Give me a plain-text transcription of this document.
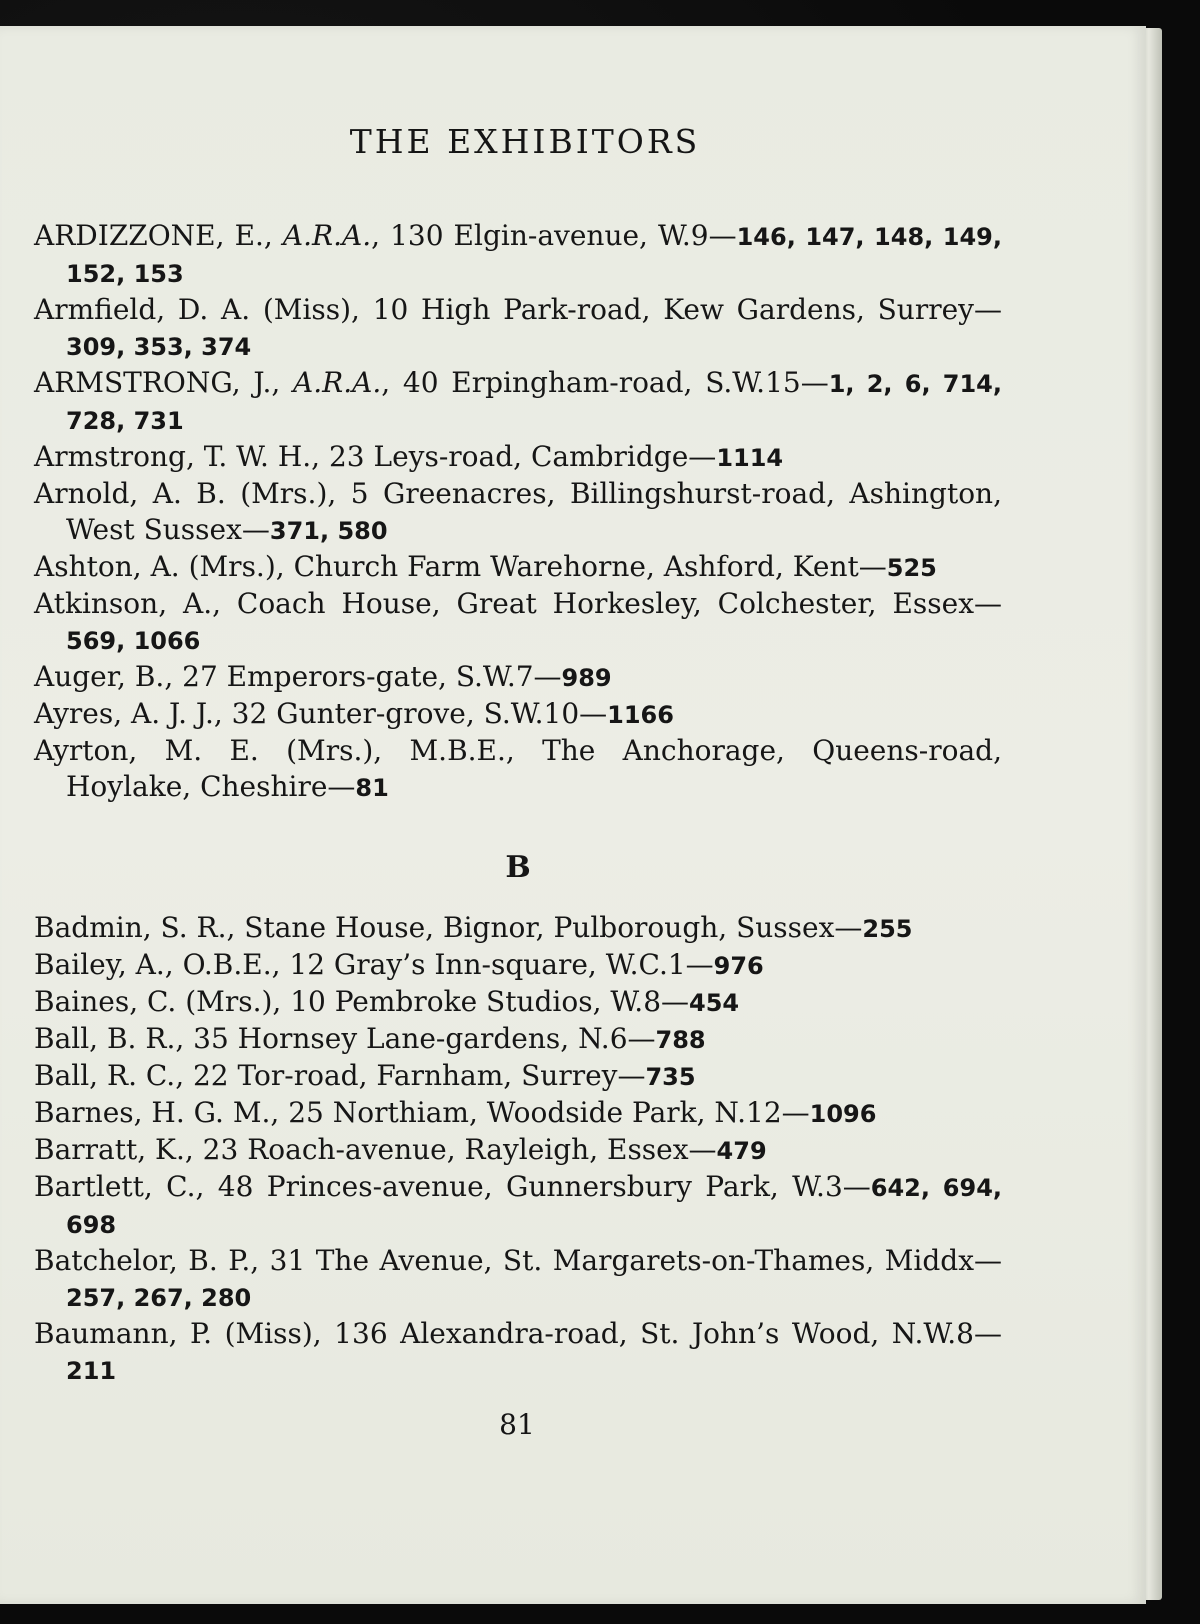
THE EXHIBITORS
ARDIZZONE, E., A.R.A., 130 Elgin-avenue, W.9—146, 147, 148, 149, 152, 153
Armfield, D. A. (Miss), 10 High Park-road, Kew Gardens, Surrey—309, 353, 374
ARMSTRONG, J., A.R.A., 40 Erpingham-road, S.W.15—1, 2, 6, 714, 728, 731
Armstrong, T. W. H., 23 Leys-road, Cambridge—1114
Arnold, A. B. (Mrs.), 5 Greenacres, Billingshurst-road, Ashington, West Sussex—371, 580
Ashton, A. (Mrs.), Church Farm Warehorne, Ashford, Kent—525
Atkinson, A., Coach House, Great Horkesley, Colchester, Essex—569, 1066
Auger, B., 27 Emperors-gate, S.W.7—989
Ayres, A. J. J., 32 Gunter-grove, S.W.10—1166
Ayrton, M. E. (Mrs.), M.B.E., The Anchorage, Queens-road, Hoylake, Cheshire—81
B
Badmin, S. R., Stane House, Bignor, Pulborough, Sussex—255
Bailey, A., O.B.E., 12 Gray’s Inn-square, W.C.1—976
Baines, C. (Mrs.), 10 Pembroke Studios, W.8—454
Ball, B. R., 35 Hornsey Lane-gardens, N.6—788
Ball, R. C., 22 Tor-road, Farnham, Surrey—735
Barnes, H. G. M., 25 Northiam, Woodside Park, N.12—1096
Barratt, K., 23 Roach-avenue, Rayleigh, Essex—479
Bartlett, C., 48 Princes-avenue, Gunnersbury Park, W.3—642, 694, 698
Batchelor, B. P., 31 The Avenue, St. Margarets-on-Thames, Middx—257, 267, 280
Baumann, P. (Miss), 136 Alexandra-road, St. John’s Wood, N.W.8—211
81
